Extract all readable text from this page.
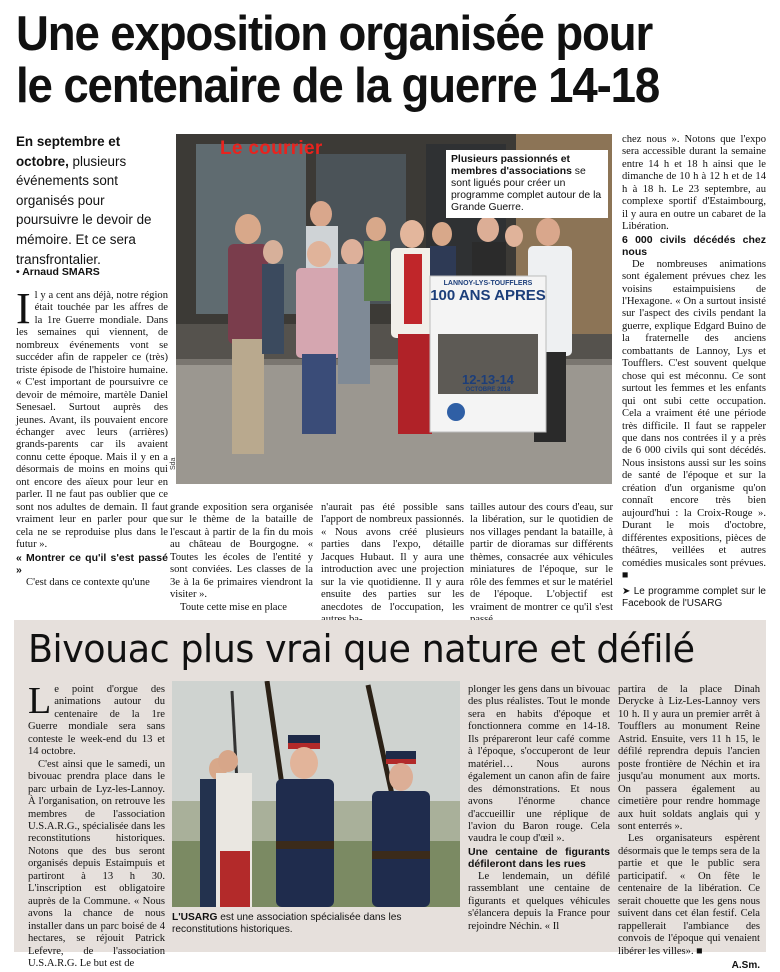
Une exposition organisée pour
le centenaire de la guerre 14-18
En septembre et octobre, plusieurs événements sont organisés pour poursuivre le devoir de mémoire. Et ce sera transfrontalier.
• Arnaud SMARS

Il y a cent ans déjà, notre région était touchée par les affres de la 1re Guerre mondiale. Dans les semaines qui viennent, de nombreux événements vont se succéder afin de rappeler ce (très) triste épisode de l'histoire humaine. « C'est important de poursuivre ce devoir de mémoire, martèle Daniel Senesael. Surtout auprès des jeunes. Avant, ils pouvaient encore échanger avec leurs (arrières) grands-parents car ils avaient connu cette époque. Mais il y en a désormais de moins en moins qui ont encore des aïeux pour leur en parler. Il ne faut pas oublier que ce sont nos adultes de demain. Il faut vraiment leur en parler pour que cela ne se reproduise plus dans le futur ».

« Montrer ce qu'il s'est passé »

C'est dans ce contexte qu'une

LANNOY-LYS-TOUFFLERS
100 ANS APRES
12-13-14
OCTOBRE 2018
Le courrier
Plusieurs passionnés et membres d'associations se sont ligués pour créer un programme complet autour de la Grande Guerre.
Sda

grande exposition sera organisée sur le thème de la bataille de l'escaut à partir de la fin du mois au château de Bourgogne. « Toutes les écoles de l'entité y sont conviées. Les classes de la 3e à la 6e primaires viendront la visiter ».

Toute cette mise en place

n'aurait pas été possible sans l'apport de nombreux passionnés. « Nous avons créé plusieurs parties dans l'expo, détaille Jacques Hubaut. Il y aura une introduction avec une projection sur la vie quotidienne. Il y aura ensuite des parties sur les anecdotes de l'occupation, les

tailles autour des cours d'eau, sur la libération, sur le quotidien de nos villages pendant la bataille, à partir de dioramas sur différents thèmes, consacrée aux véhicules miniatures de l'époque, sur le rôle des femmes et sur le matériel de l'époque. L'objectif est vraiment de montrer ce qu'il s'est

chez nous ». Notons que l'expo sera accessible durant la semaine entre 14 h et 18 h ainsi que le dimanche de 10 h à 12 h et de 14 h à 18 h. Le 23 septembre, au complexe sportif d'Estaimbourg, il y aura en outre un cabaret de la Libération.

6 000 civils décédés chez nous

De nombreuses animations sont également prévues chez les voisins estaimpuisiens de l'Hexagone. « On a surtout insisté sur l'aspect des civils pendant la guerre, explique Edgard Buino de la fraternelle des anciens combattants de Lannoy, Lys et Toufflers. C'est souvent quelque chose qui est méconnu. Ce sont surtout les femmes et les enfants qui ont subi cette occupation. Cela a vraiment été une période très difficile. Il faut se rappeler que dans nos contrées il y a près de 6 000 civils qui sont décédés. Nous insistons aussi sur les soins de santé de l'époque et sur la création d'un organisme qu'on connaît encore très bien aujourd'hui : la Croix-Rouge ». Durant le mois d'octobre, différentes expositions, pièces de théâtres, veillées et autres comédies musicales sont prévues. ■

➤ Le programme complet sur le Facebook de l'USARG
Bivouac plus vrai que nature et défilé

Le point d'orgue des animations autour du centenaire de la 1re Guerre mondiale sera sans conteste le week-end du 13 et 14 octobre.

C'est ainsi que le samedi, un bivouac prendra place dans le parc urbain de Lyz-les-Lannoy. À l'organisation, on retrouve les membres de l'association U.S.A.R.G., spécialisée dans les reconstitutions historiques. Notons que des bus seront organisés depuis Estaimpuis et partiront à 13 h 30. L'inscription est obligatoire auprès de la Commune. « Nous avons la chance de nous installer dans un parc boisé de 4 hectares, se réjouit Patrick Lefevre, de l'association U.S.A.R.G. Le but est de

L'USARG est une association spécialisée dans les reconstitutions historiques.

plonger les gens dans un bivouac des plus réalistes. Tout le monde sera en habits d'époque et fonctionnera comme en 14-18. Ils prépareront leur café comme à l'époque, s'occuperont de leur matériel… Nous aurons également un canon afin de faire des démonstrations. Et nous avons l'énorme chance d'accueillir une réplique de l'avion du Baron rouge. Cela vaudra le coup d'œil ».

Une centaine de figurants défileront dans les rues

Le lendemain, un défilé rassemblant une centaine de figurants et quelques véhicules s'élancera depuis la France pour rejoindre Néchin. « Il

partira de la place Dinah Derycke à Liz-Les-Lannoy vers 10 h. Il y aura un premier arrêt à Toufflers au monument Reine Astrid. Ensuite, vers 11 h 15, le défilé reprendra depuis l'ancien poste frontière de Néchin et ira jusqu'au monument aux morts. On passera également au cimetière pour rendre hommage aux huit soldats anglais qui y sont enterrés ».

Les organisateurs espèrent désormais que le temps sera de la partie et que le public sera participatif. « On fête le centenaire de la libération. Ce serait chouette que les gens nous suivent dans cet élan festif. Cela rappellerait l'ambiance des convois de l'époque qui venaient libérer les villes». ■

A.Sm.
